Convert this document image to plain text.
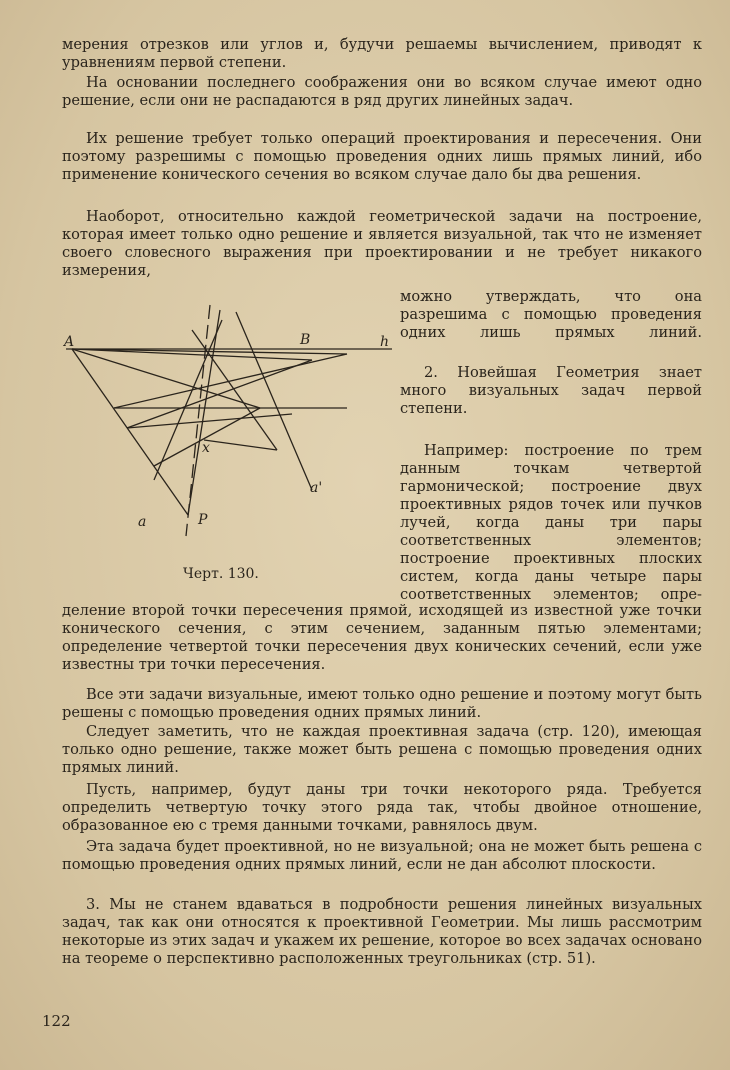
мерения отрезков или углов и, будучи решаемы вычислением, приводят к уравнениям первой степени.
На основании последнего соображения они во всяком случае имеют одно решение, если они не распадаются в ряд других линейных задач.
Их решение требует только операций проектирования и пересечения. Они поэтому разрешимы с помощью проведения одних лишь прямых линий, ибо применение конического сечения во всяком случае дало бы два решения.
Наоборот, относительно каждой геометрической задачи на построение, которая имеет только одно решение и является визуальной, так что не изменяет своего словесного выражения при проектировании и не требует никакого измерения,
можно утверждать, что она разрешима с помощью проведения одних лишь прямых линий.
2. Новейшая Геометрия знает много визуальных задач первой степени.
Например: построение по трем данным точкам четвертой гармонической; построение двух проективных рядов точек или пучков лучей, когда даны три пары соответственных элементов; построение проективных плоских систем, когда даны четыре пары соответственных элементов; опре-
A	B	h
x
a'
a	P
Черт. 130.
деление второй точки пересечения прямой, исходящей из известной уже точки конического сечения, с этим сечением, заданным пятью элементами; определение четвертой точки пересечения двух конических сечений, если уже известны три точки пересечения.
Все эти задачи визуальные, имеют только одно решение и поэтому могут быть решены с помощью проведения одних прямых линий.
Следует заметить, что не каждая проективная задача (стр. 120), имеющая только одно решение, также может быть решена с помощью проведения одних прямых линий.
Пусть, например, будут даны три точки некоторого ряда. Требуется определить четвертую точку этого ряда так, чтобы двойное отношение, образованное ею с тремя данными точками, равнялось двум.
Эта задача будет проективной, но не визуальной; она не может быть решена с помощью проведения одних прямых линий, если не дан абсолют плоскости.
3. Мы не станем вдаваться в подробности решения линейных визуальных задач, так как они относятся к проективной Геометрии. Мы лишь рассмотрим некоторые из этих задач и укажем их решение, которое во всех задачах основано на теореме о перспективно расположенных треугольниках (стр. 51).
122
